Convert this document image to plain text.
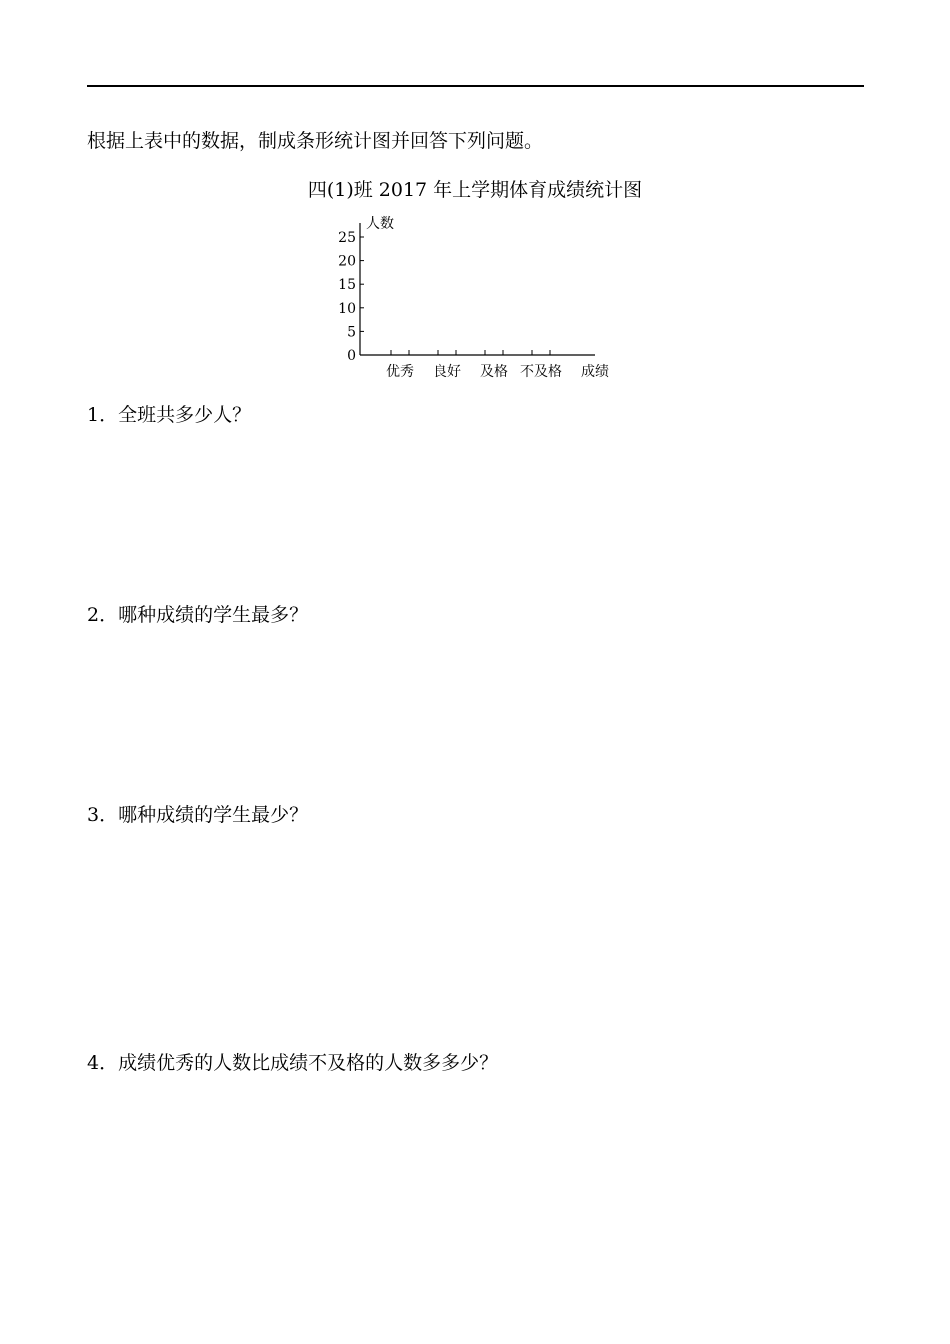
根据上表中的数据，制成条形统计图并回答下列问题。
四(1)班 2017 年上学期体育成绩统计图
0
5
10
15
20
25
人数
优秀 良好 及格 不及格 成绩
1．全班共多少人？
2．哪种成绩的学生最多？
3．哪种成绩的学生最少？
4．成绩优秀的人数比成绩不及格的人数多多少？
